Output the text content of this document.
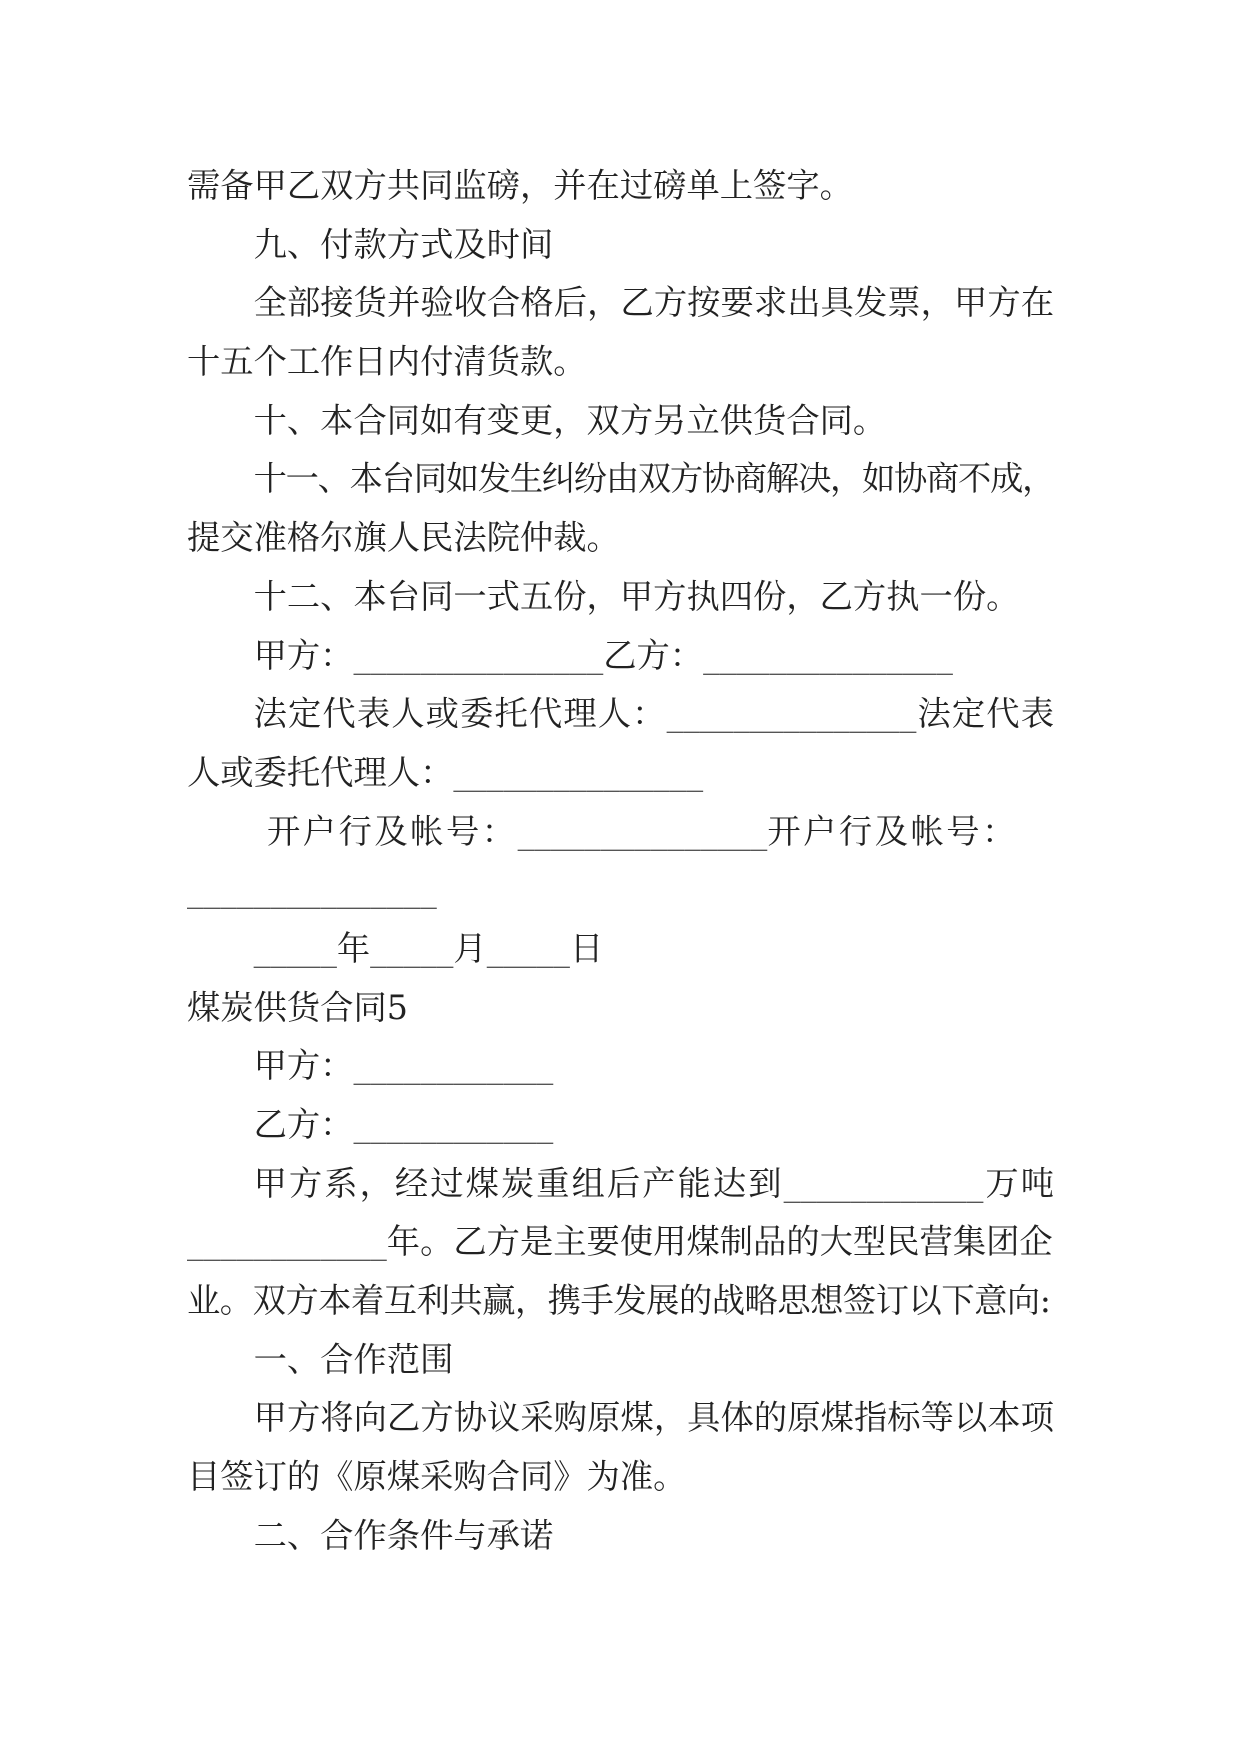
需备甲乙双方共同监磅，并在过磅单上签字。
九、付款方式及时间
全部接货并验收合格后，乙方按要求出具发票，甲方在
十五个工作日内付清货款。
十、本合同如有变更，双方另立供货合同。
十一、本台同如发生纠纷由双方协商解决，如协商不成，
提交准格尔旗人民法院仲裁。
十二、本台同一式五份，甲方执四份，乙方执一份。
甲方：_______________乙方：_______________
法定代表人或委托代理人：_______________法定代表
人或委托代理人：_______________
开户行及帐号：_______________开户行及帐号：
_______________
_____年_____月_____日
煤炭供货合同5
甲方：____________
乙方：____________
甲方系，经过煤炭重组后产能达到____________万吨
____________年。乙方是主要使用煤制品的大型民营集团企
业。双方本着互利共赢，携手发展的战略思想签订以下意向:
一、合作范围
甲方将向乙方协议采购原煤，具体的原煤指标等以本项
目签订的《原煤采购合同》为准。
二、合作条件与承诺
